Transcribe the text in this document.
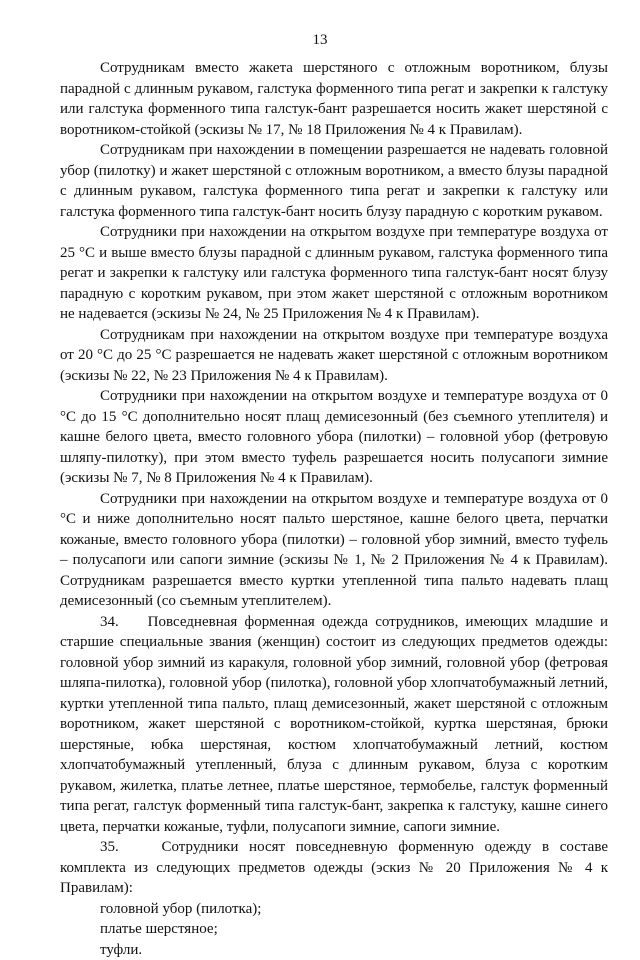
13

Сотрудникам вместо жакета шерстяного с отложным воротником, блузы парадной с длинным рукавом, галстука форменного типа регат и закрепки к галстуку или галстука форменного типа галстук-бант разрешается носить жакет шерстяной с воротником-стойкой (эскизы № 17, № 18 Приложения № 4 к Правилам).

Сотрудникам при нахождении в помещении разрешается не надевать головной убор (пилотку) и жакет шерстяной с отложным воротником, а вместо блузы парадной с длинным рукавом, галстука форменного типа регат и закрепки к галстуку или галстука форменного типа галстук-бант носить блузу парадную с коротким рукавом.

Сотрудники при нахождении на открытом воздухе при температуре воздуха от 25 °С и выше вместо блузы парадной с длинным рукавом, галстука форменного типа регат и закрепки к галстуку или галстука форменного типа галстук-бант носят блузу парадную с коротким рукавом, при этом жакет шерстяной с отложным воротником не надевается (эскизы № 24, № 25 Приложения № 4 к Правилам).

Сотрудникам при нахождении на открытом воздухе при температуре воздуха от 20 °С до 25 °С разрешается не надевать жакет шерстяной с отложным воротником (эскизы № 22, № 23 Приложения № 4 к Правилам).

Сотрудники при нахождении на открытом воздухе и температуре воздуха от 0 °С до 15 °С дополнительно носят плащ демисезонный (без съемного утеплителя) и кашне белого цвета, вместо головного убора (пилотки) – головной убор (фетровую шляпу-пилотку), при этом вместо туфель разрешается носить полусапоги зимние (эскизы № 7, № 8 Приложения № 4 к Правилам).

Сотрудники при нахождении на открытом воздухе и температуре воздуха от 0 °С и ниже дополнительно носят пальто шерстяное, кашне белого цвета, перчатки кожаные, вместо головного убора (пилотки) – головной убор зимний, вместо туфель – полусапоги или сапоги зимние (эскизы № 1, № 2 Приложения № 4 к Правилам). Сотрудникам разрешается вместо куртки утепленной типа пальто надевать плащ демисезонный (со съемным утеплителем).

34.    Повседневная форменная одежда сотрудников, имеющих младшие и старшие специальные звания (женщин) состоит из следующих предметов одежды: головной убор зимний из каракуля, головной убор зимний, головной убор (фетровая шляпа-пилотка), головной убор (пилотка), головной убор хлопчатобумажный летний, куртки утепленной типа пальто, плащ демисезонный, жакет шерстяной с отложным воротником, жакет шерстяной с воротником-стойкой, куртка шерстяная, брюки шерстяные, юбка шерстяная, костюм хлопчатобумажный летний, костюм хлопчатобумажный утепленный, блуза с длинным рукавом, блуза с коротким рукавом, жилетка, платье летнее, платье шерстяное, термобелье, галстук форменный типа регат, галстук форменный типа галстук-бант, закрепка к галстуку, кашне синего цвета, перчатки кожаные, туфли, полусапоги зимние, сапоги зимние.

35.    Сотрудники носят повседневную форменную одежду в составе комплекта из следующих предметов одежды (эскиз № 20 Приложения № 4 к Правилам):

головной убор (пилотка);

платье шерстяное;

туфли.
